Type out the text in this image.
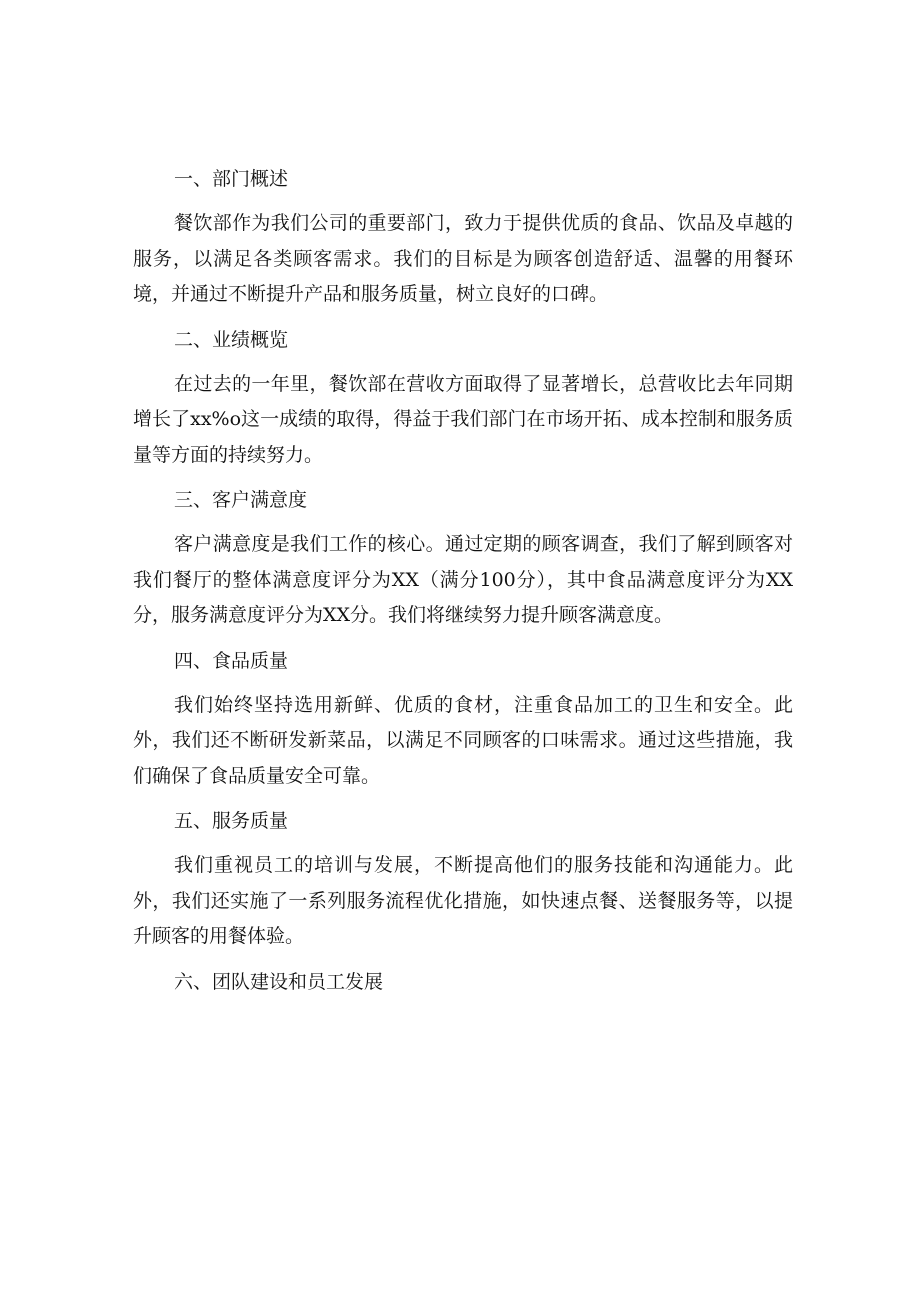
一、部门概述

餐饮部作为我们公司的重要部门，致力于提供优质的食品、饮品及卓越的服务，以满足各类顾客需求。我们的目标是为顾客创造舒适、温馨的用餐环境，并通过不断提升产品和服务质量，树立良好的口碑。

二、业绩概览

在过去的一年里，餐饮部在营收方面取得了显著增长，总营收比去年同期增长了xx%o这一成绩的取得，得益于我们部门在市场开拓、成本控制和服务质量等方面的持续努力。

三、客户满意度

客户满意度是我们工作的核心。通过定期的顾客调查，我们了解到顾客对我们餐厅的整体满意度评分为XX（满分100分），其中食品满意度评分为XX分，服务满意度评分为XX分。我们将继续努力提升顾客满意度。

四、食品质量

我们始终坚持选用新鲜、优质的食材，注重食品加工的卫生和安全。此外，我们还不断研发新菜品，以满足不同顾客的口味需求。通过这些措施，我们确保了食品质量安全可靠。

五、服务质量

我们重视员工的培训与发展，不断提高他们的服务技能和沟通能力。此外，我们还实施了一系列服务流程优化措施，如快速点餐、送餐服务等，以提升顾客的用餐体验。

六、团队建设和员工发展
